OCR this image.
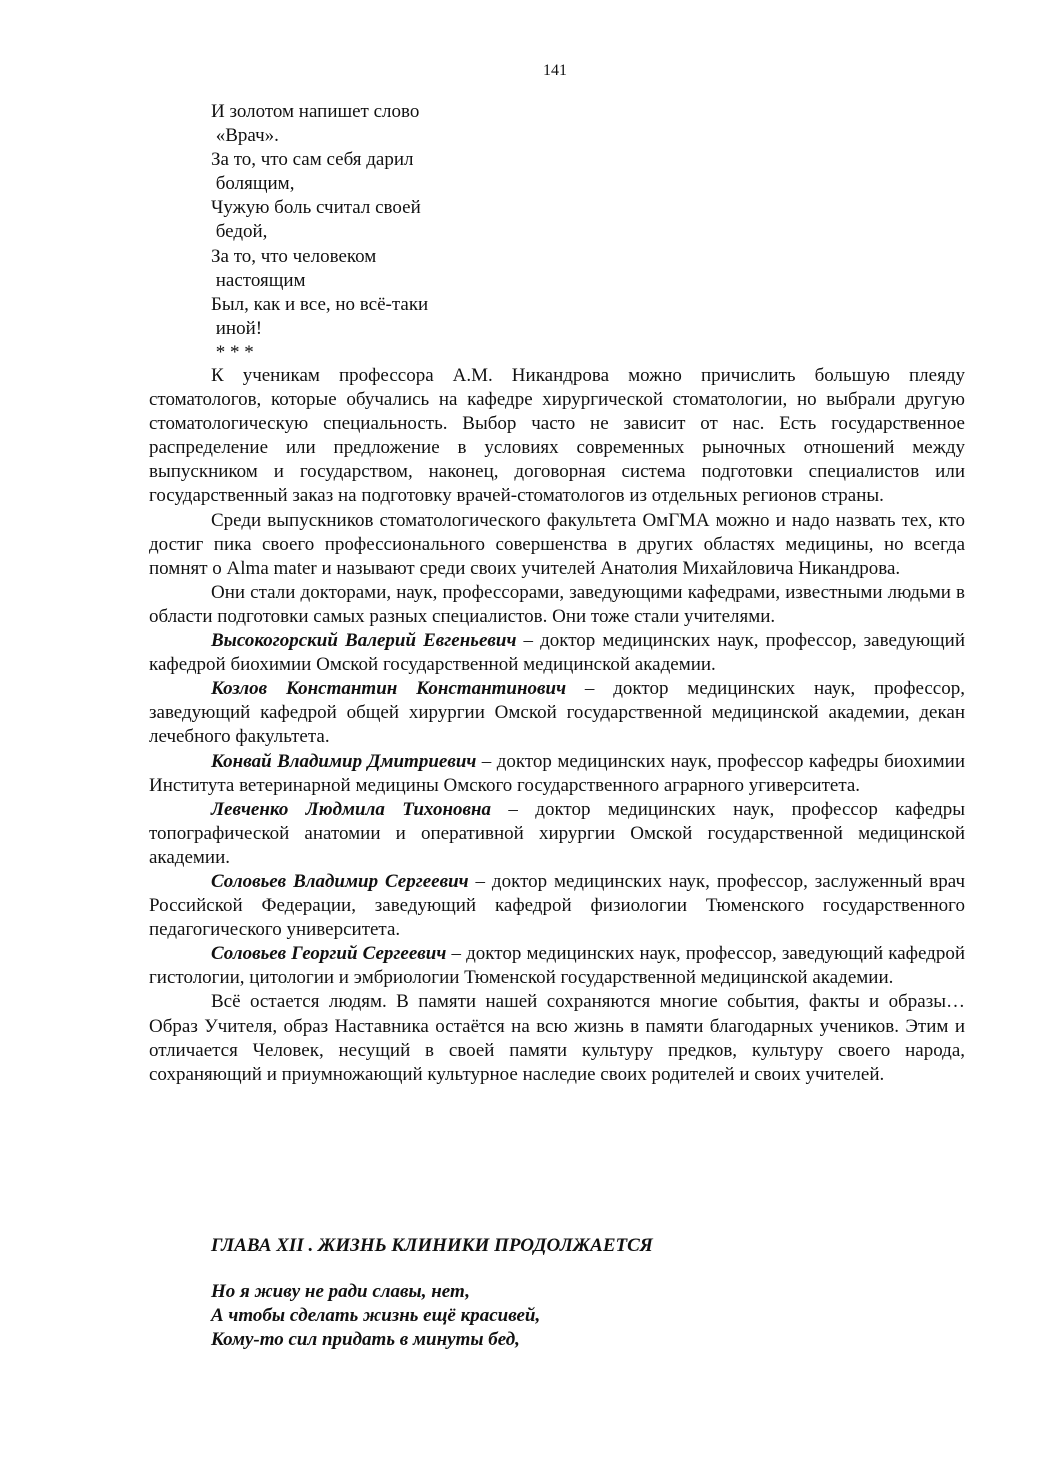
141
И золотом напишет слово
«Врач».
За то, что сам себя дарил
болящим,
Чужую боль считал своей
бедой,
За то, что человеком
настоящим
Был, как и все, но всё-таки
иной!
* * *

К ученикам профессора А.М. Никандрова можно причислить большую плеяду стоматологов, которые обучались на кафедре хирургической стоматологии, но выбрали другую стоматологическую специальность. Выбор часто не зависит от нас. Есть государственное распределение или предложение в условиях современных рыночных отношений между выпускником и государством, наконец, договорная система подготовки специалистов или государственный заказ на подготовку врачей-стоматологов из отдельных регионов страны.

Среди выпускников стоматологического факультета ОмГМА можно и надо назвать тех, кто достиг пика своего профессионального совершенства в других областях медицины, но всегда помнят о Alma mater и называют среди своих учителей Анатолия Михайловича Никандрова.

Они стали докторами, наук, профессорами, заведующими кафедрами, известными людьми в области подготовки самых разных специалистов. Они тоже стали учителями.

Высокогорский Валерий Евгеньевич – доктор медицинских наук, профессор, заведующий кафедрой биохимии Омской государственной медицинской академии.

Козлов Константин Константинович – доктор медицинских наук, профессор, заведующий кафедрой общей хирургии Омской государственной медицинской академии, декан лечебного факультета.

Конвай Владимир Дмитриевич – доктор медицинских наук, профессор кафедры биохимии Института ветеринарной медицины Омского государственного аграрного угиверситета.

Левченко Людмила Тихоновна – доктор медицинских наук, профессор кафедры топографической анатомии и оперативной хирургии Омской государственной медицинской академии.

Соловьев Владимир Сергеевич – доктор медицинских наук, профессор, заслуженный врач Российской Федерации, заведующий кафедрой физиологии Тюменского государственного педагогического университета.

Соловьев Георгий Сергеевич – доктор медицинских наук, профессор, заведующий кафедрой гистологии, цитологии и эмбриологии Тюменской государственной медицинской академии.

Всё остается людям. В памяти нашей сохраняются многие события, факты и образы… Образ Учителя, образ Наставника остаётся на всю жизнь в памяти благодарных учеников. Этим и отличается Человек, несущий в своей памяти культуру предков, культуру своего народа, сохраняющий и приумножающий культурное наследие своих родителей и своих учителей.

ГЛАВА XII . ЖИЗНЬ КЛИНИКИ ПРОДОЛЖАЕТСЯ
Но я живу не ради славы, нет,
А чтобы сделать жизнь ещё красивей,
Кому-то сил придать в минуты бед,
